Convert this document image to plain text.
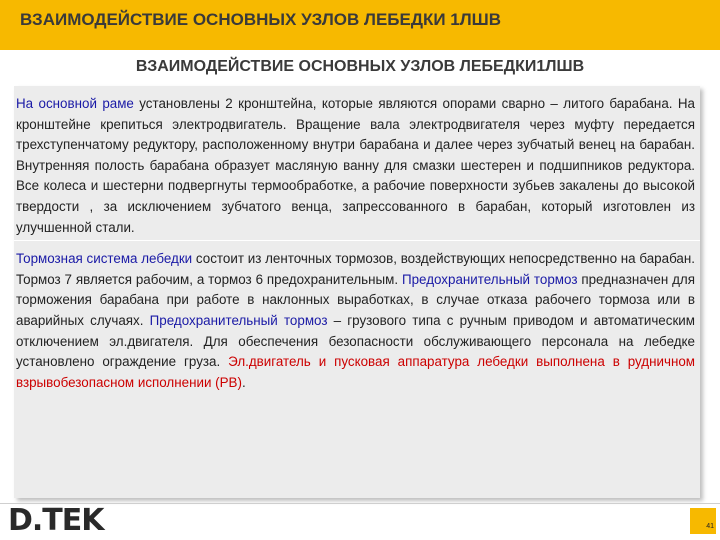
ВЗАИМОДЕЙСТВИЕ ОСНОВНЫХ УЗЛОВ ЛЕБЕДКИ 1ЛШВ
ВЗАИМОДЕЙСТВИЕ ОСНОВНЫХ УЗЛОВ ЛЕБЕДКИ1ЛШВ

На основной раме установлены 2 кронштейна, которые являются опорами сварно – литого барабана. На кронштейне крепиться электродвигатель. Вращение вала электродвигателя через муфту передается трехступенчатому редуктору, расположенному внутри барабана и далее через зубчатый венец на барабан. Внутренняя полость барабана образует масляную ванну для смазки шестерен и подшипников редуктора. Все колеса и шестерни подвергнуты термообработке, а рабочие поверхности зубьев закалены до высокой твердости , за исключением зубчатого венца, запрессованного в барабан, который изготовлен из улучшенной стали.

Тормозная система лебедки состоит из ленточных тормозов, воздействующих непосредственно на барабан. Тормоз 7 является рабочим, а тормоз 6 предохранительным. Предохранительный тормоз предназначен для торможения барабана при работе в наклонных выработках, в случае отказа рабочего тормоза или в аварийных случаях. Предохранительный тормоз – грузового типа с ручным приводом и автоматическим отключением эл.двигателя. Для обеспечения безопасности обслуживающего персонала на лебедке установлено ограждение груза. Эл.двигатель и пусковая аппаратура лебедки выполнена в рудничном взрывобезопасном исполнении (РВ).

D.TEK	41
